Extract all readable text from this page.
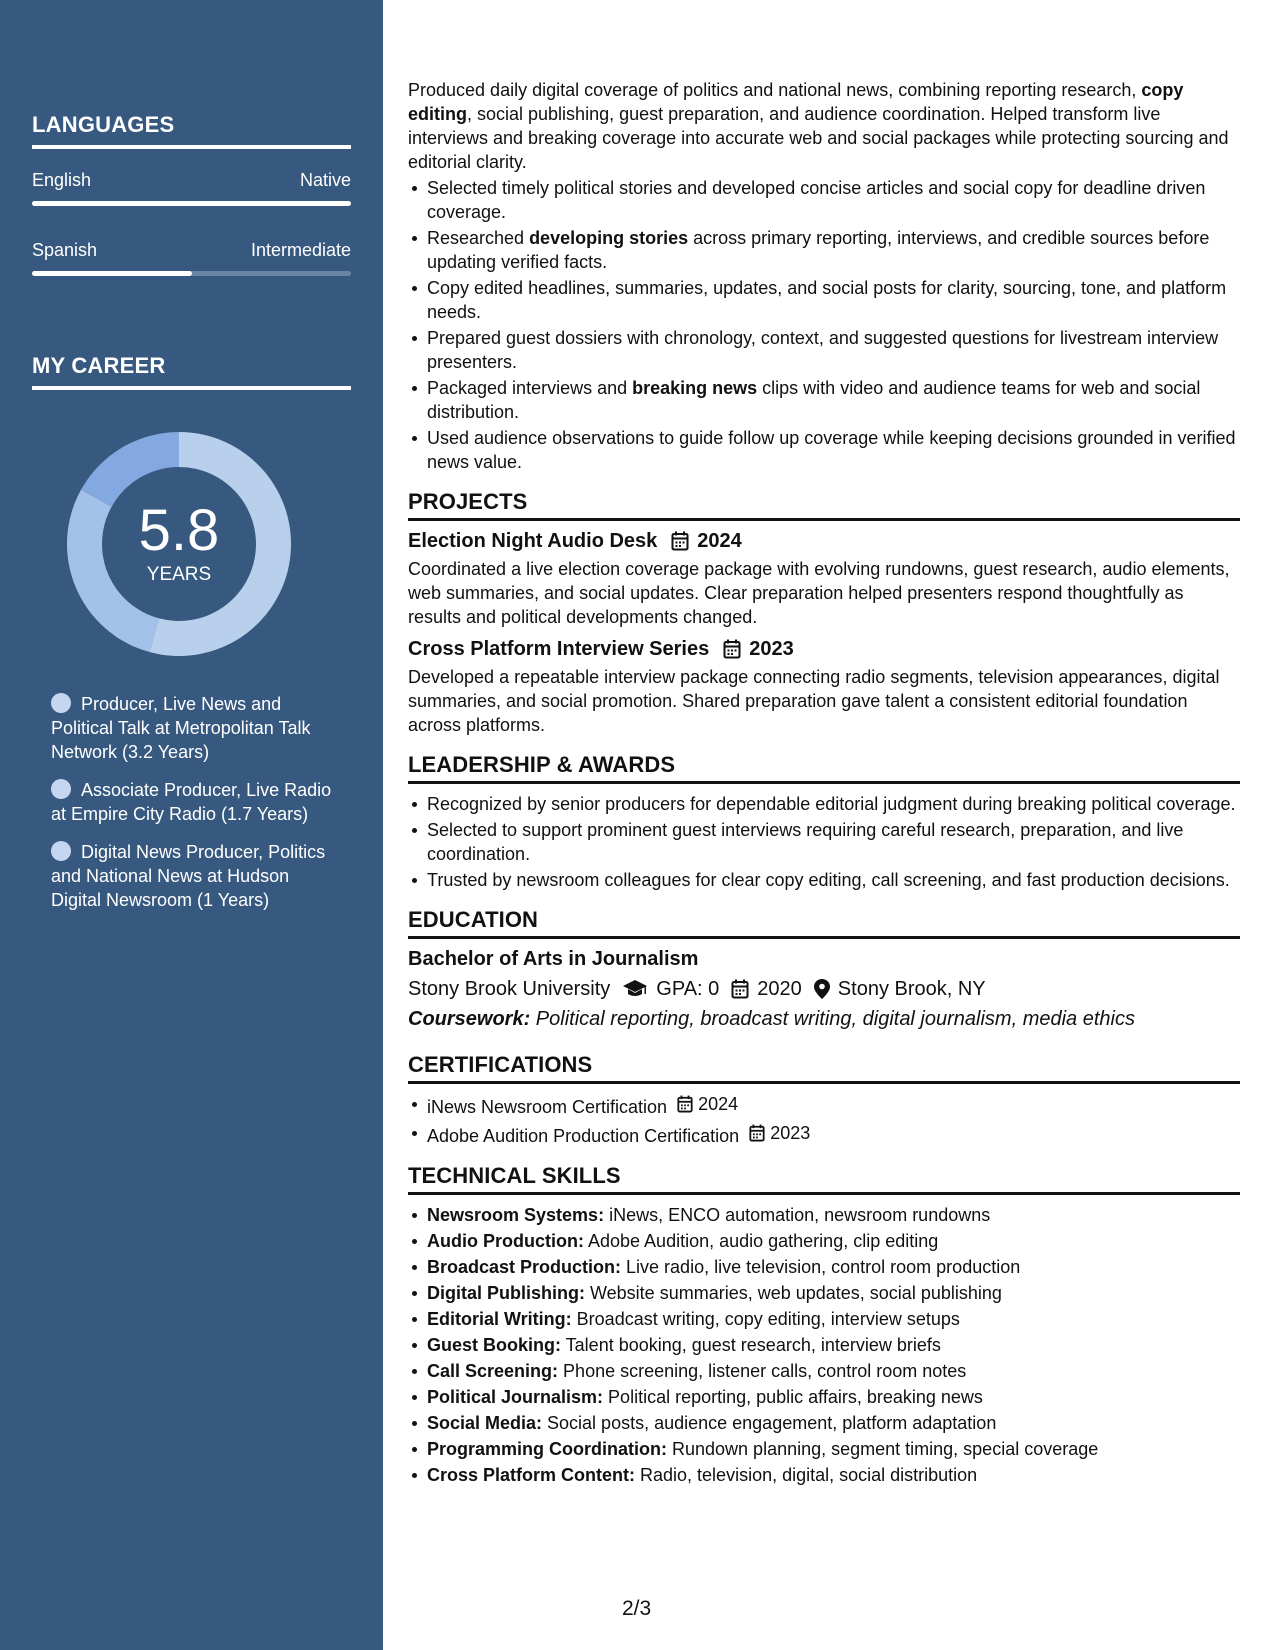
LANGUAGES
English	Native
Spanish	Intermediate
MY CAREER
5.8
YEARS
Producer, Live News and Political Talk at Metropolitan Talk Network (3.2 Years)
Associate Producer, Live Radio at Empire City Radio (1.7 Years)
Digital News Producer, Politics and National News at Hudson Digital Newsroom (1 Years)

Produced daily digital coverage of politics and national news, combining reporting research, copy editing, social publishing, guest preparation, and audience coordination. Helped transform live interviews and breaking coverage into accurate web and social packages while protecting sourcing and editorial clarity.

Selected timely political stories and developed concise articles and social copy for deadline driven coverage.
Researched developing stories across primary reporting, interviews, and credible sources before updating verified facts.
Copy edited headlines, summaries, updates, and social posts for clarity, sourcing, tone, and platform needs.
Prepared guest dossiers with chronology, context, and suggested questions for livestream interview presenters.
Packaged interviews and breaking news clips with video and audience teams for web and social distribution.
Used audience observations to guide follow up coverage while keeping decisions grounded in verified news value.
PROJECTS
Election Night Audio Desk 2024

Coordinated a live election coverage package with evolving rundowns, guest research, audio elements, web summaries, and social updates. Clear preparation helped presenters respond thoughtfully as results and political developments changed.

Cross Platform Interview Series 2023

Developed a repeatable interview package connecting radio segments, television appearances, digital summaries, and social promotion. Shared preparation gave talent a consistent editorial foundation across platforms.

LEADERSHIP & AWARDS
Recognized by senior producers for dependable editorial judgment during breaking political coverage.
Selected to support prominent guest interviews requiring careful research, preparation, and live coordination.
Trusted by newsroom colleagues for clear copy editing, call screening, and fast production decisions.
EDUCATION
Bachelor of Arts in Journalism
Stony Brook University GPA: 0 2020 Stony Brook, NY
Coursework: Political reporting, broadcast writing, digital journalism, media ethics
CERTIFICATIONS
iNews Newsroom Certification 2024
Adobe Audition Production Certification 2023
TECHNICAL SKILLS
Newsroom Systems: iNews, ENCO automation, newsroom rundowns
Audio Production: Adobe Audition, audio gathering, clip editing
Broadcast Production: Live radio, live television, control room production
Digital Publishing: Website summaries, web updates, social publishing
Editorial Writing: Broadcast writing, copy editing, interview setups
Guest Booking: Talent booking, guest research, interview briefs
Call Screening: Phone screening, listener calls, control room notes
Political Journalism: Political reporting, public affairs, breaking news
Social Media: Social posts, audience engagement, platform adaptation
Programming Coordination: Rundown planning, segment timing, special coverage
Cross Platform Content: Radio, television, digital, social distribution
2/3
